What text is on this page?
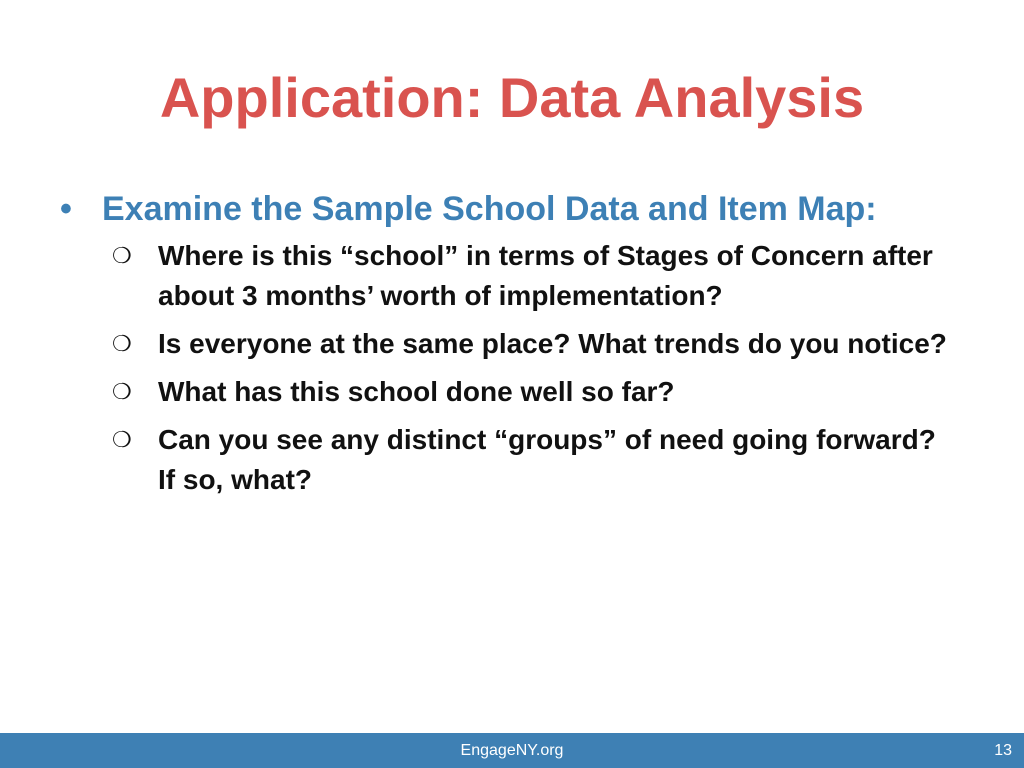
Application: Data Analysis
• Examine the Sample School Data and Item Map:
❍ Where is this “school” in terms of Stages of Concern after about 3 months’ worth of implementation?
❍ Is everyone at the same place? What trends do you notice?
❍ What has this school done well so far?
❍ Can you see any distinct “groups” of need going forward? If so, what?
EngageNY.org	13
